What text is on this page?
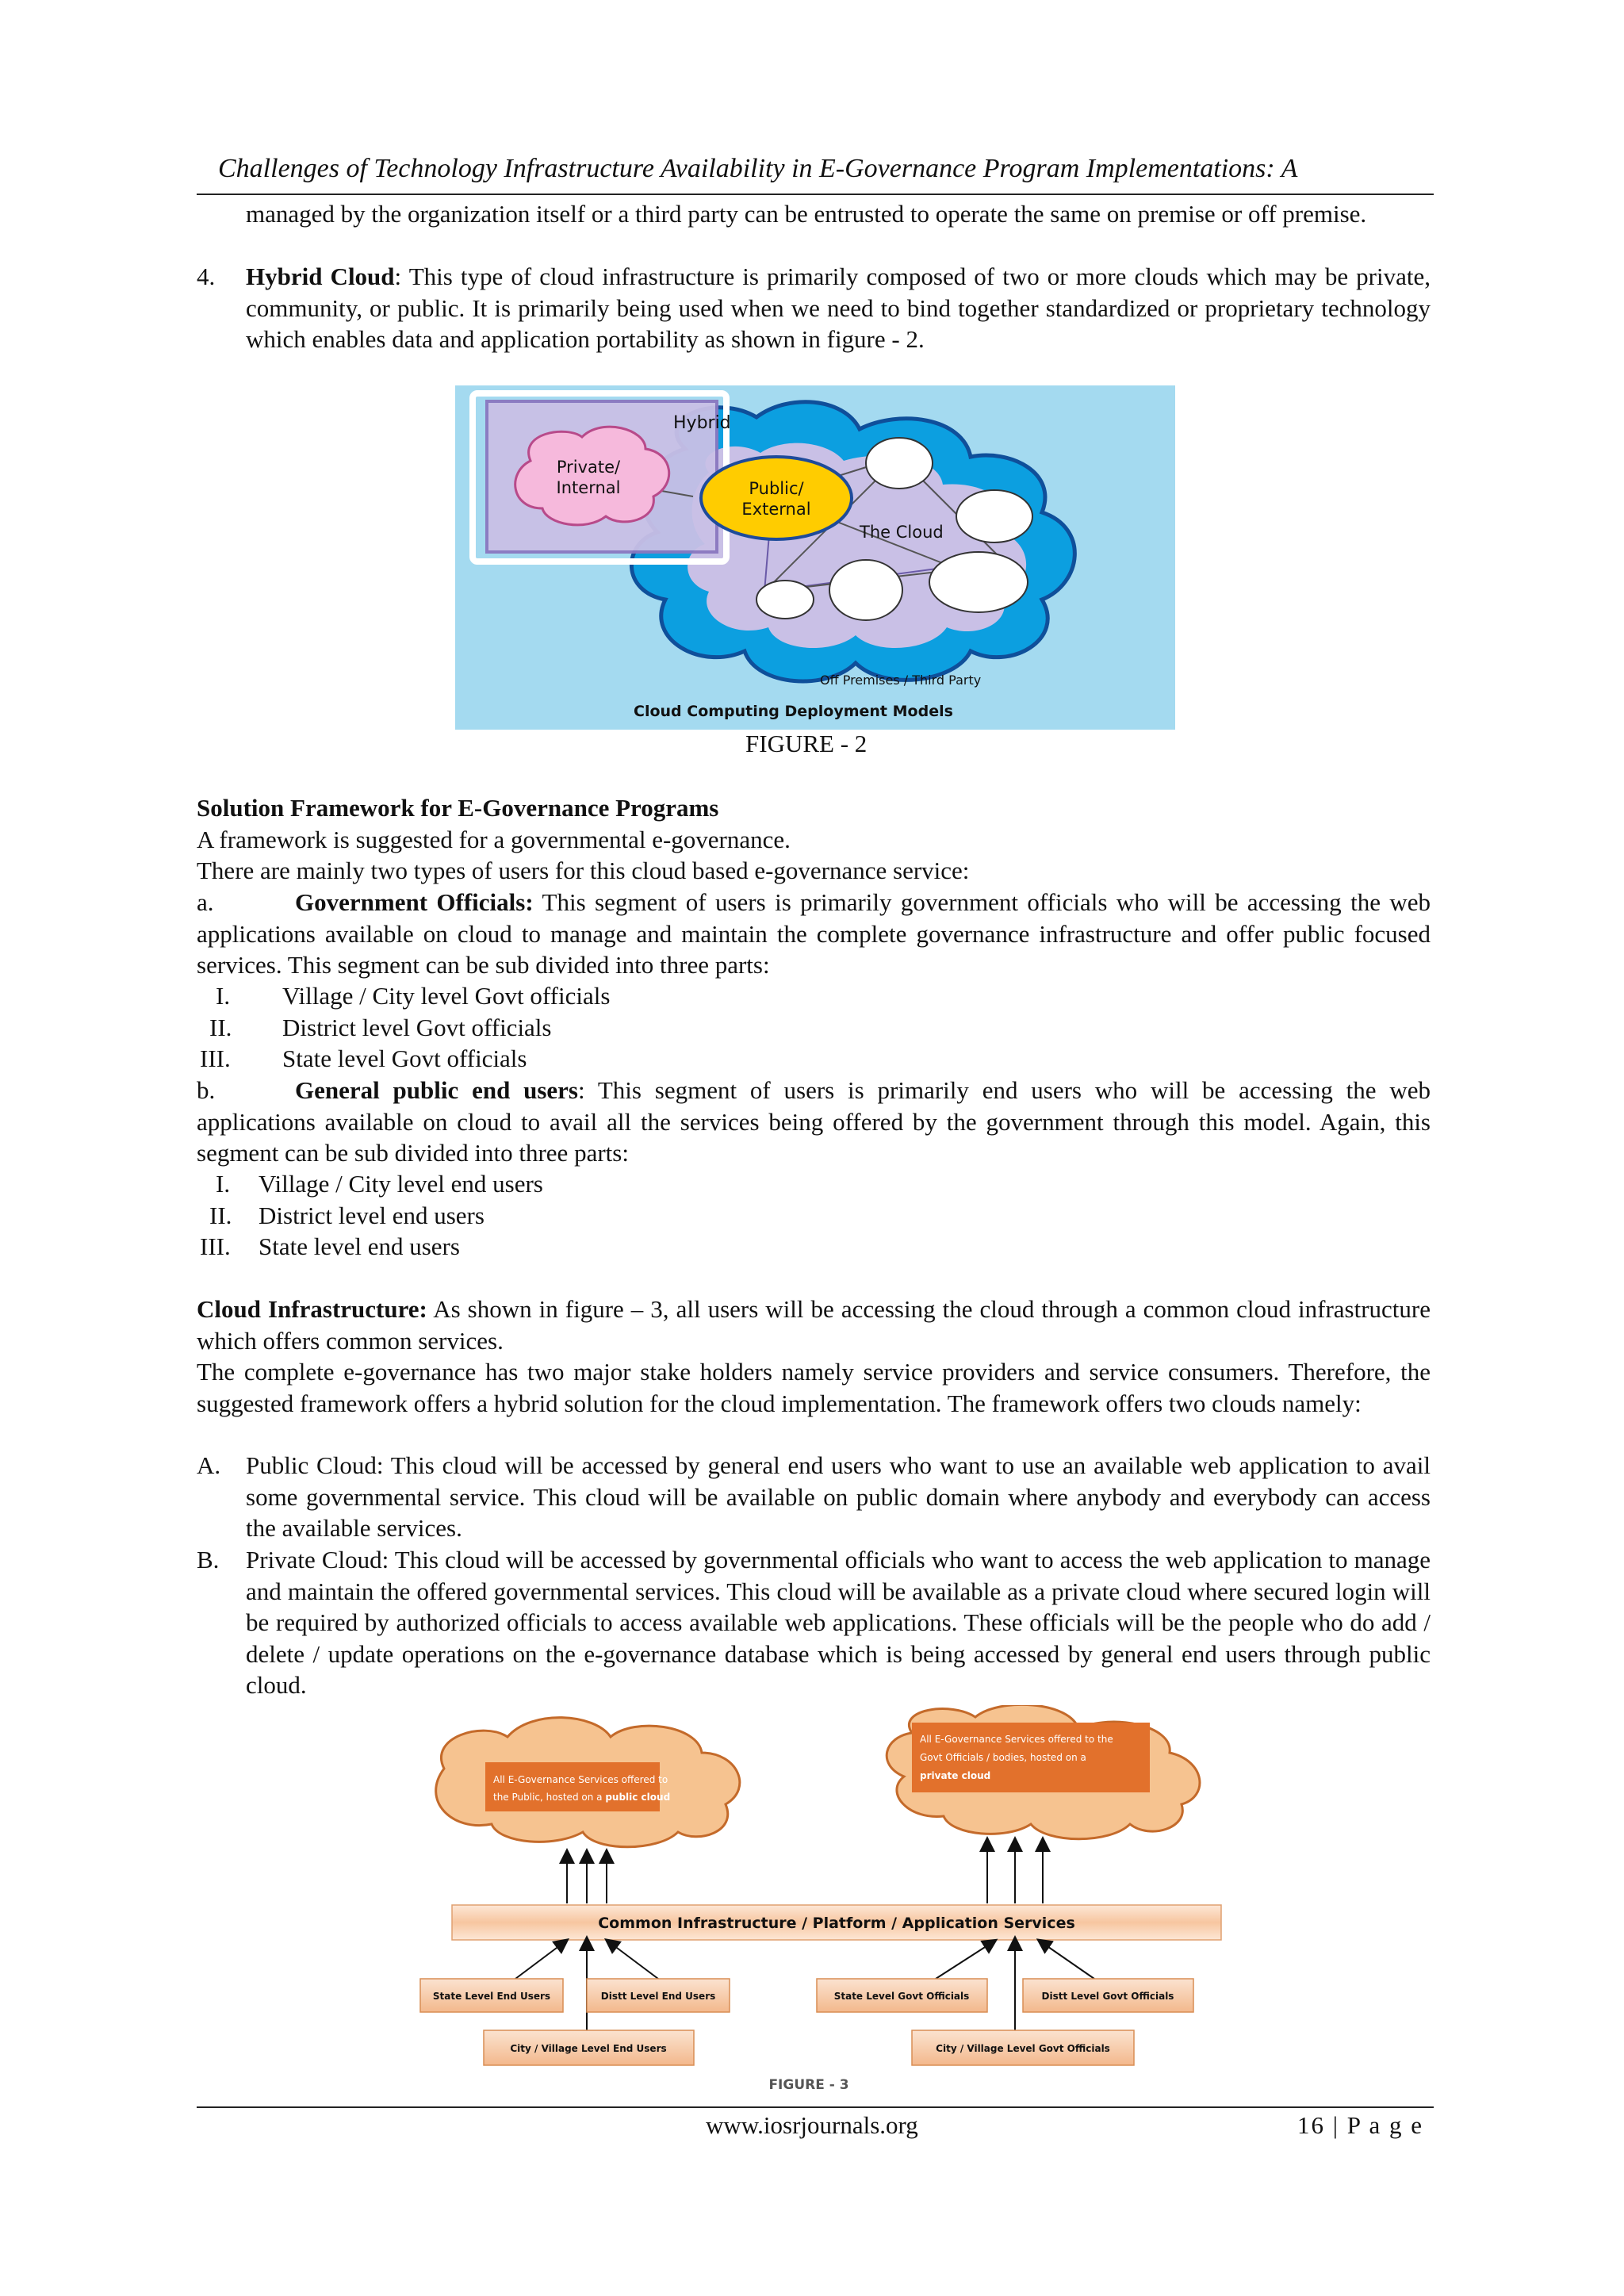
Challenges of Technology Infrastructure Availability in E-Governance Program Implementations: A
managed by the organization itself or a third party can be entrusted to operate the same on premise or off premise.
4. Hybrid Cloud: This type of cloud infrastructure is primarily composed of two or more clouds which may be private, community, or public. It is primarily being used when we need to bind together standardized or proprietary technology which enables data and application portability as shown in figure - 2.
Hybrid
Private/
Internal	Public/
External
The Cloud
Off Premises / Third Party
Cloud Computing Deployment Models
FIGURE - 2
Solution Framework for E-Governance Programs
A framework is suggested for a governmental e-governance.
There are mainly two types of users for this cloud based e-governance service:
a.	Government Officials: This segment of users is primarily government officials who will be accessing the web applications available on cloud to manage and maintain the complete governance infrastructure and offer public focused services. This segment can be sub divided into three parts:
I. Village / City level Govt officials
II. District level Govt officials
III. State level Govt officials
b.	General public end users: This segment of users is primarily end users who will be accessing the web applications available on cloud to avail all the services being offered by the government through this model. Again, this segment can be sub divided into three parts:
I. Village / City level end users
II. District level end users
III. State level end users
Cloud Infrastructure: As shown in figure – 3, all users will be accessing the cloud through a common cloud infrastructure which offers common services.
The complete e-governance has two major stake holders namely service providers and service consumers. Therefore, the suggested framework offers a hybrid solution for the cloud implementation. The framework offers two clouds namely:
A. Public Cloud: This cloud will be accessed by general end users who want to use an available web application to avail some governmental service. This cloud will be available on public domain where anybody and everybody can access the available services.
B. Private Cloud: This cloud will be accessed by governmental officials who want to access the web application to manage and maintain the offered governmental services. This cloud will be available as a private cloud where secured login will be required by authorized officials to access available web applications. These officials will be the people who do add / delete / update operations on the e-governance database which is being accessed by general end users through public cloud.
All E-Governance Services offered to
the Public, hosted on a public cloud
All E-Governance Services offered to the
Govt Officials / bodies, hosted on a
private cloud
Common Infrastructure / Platform / Application Services
State Level End Users	Distt Level End Users
City / Village Level End Users
State Level Govt Officials	Distt Level Govt Officials
City / Village Level Govt Officials
FIGURE - 3
www.iosrjournals.org	16 | P a g e
